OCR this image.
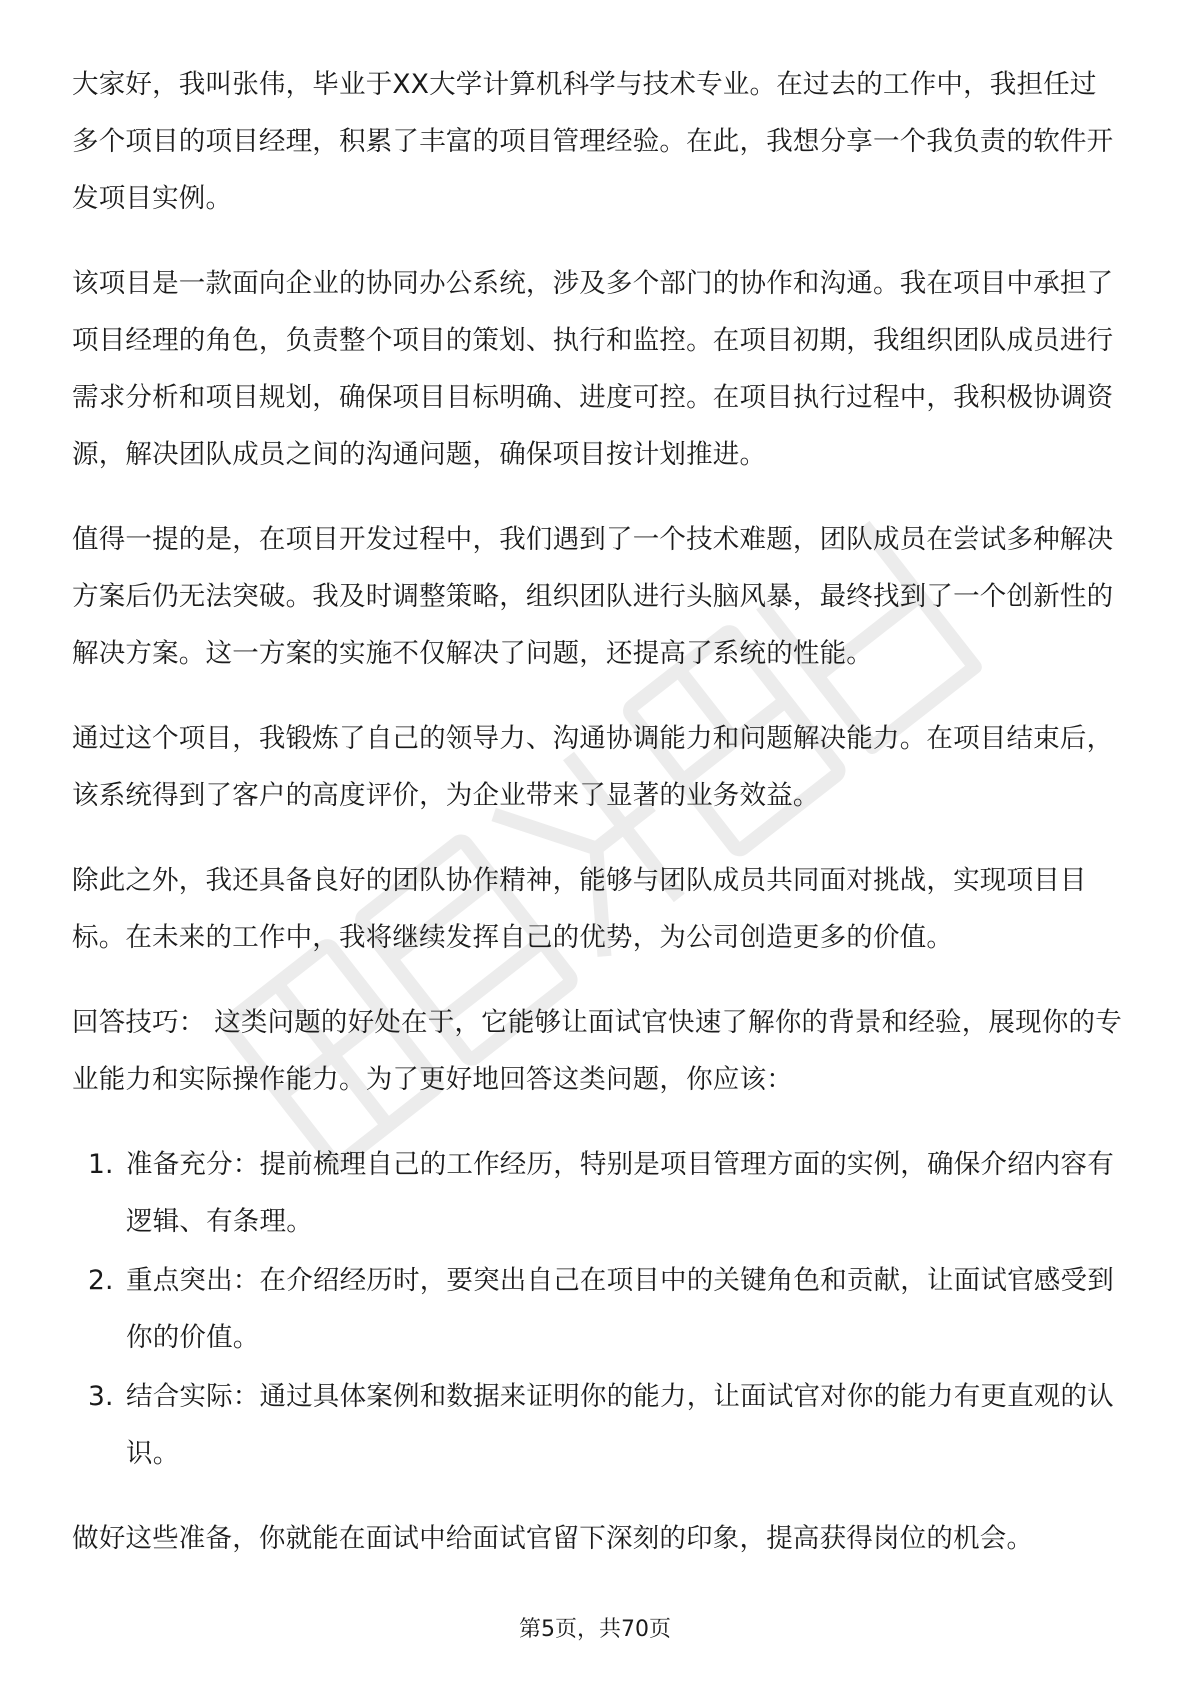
大家好，我叫张伟，毕业于XX大学计算机科学与技术专业。在过去的工作中，我担任过多个项目的项目经理，积累了丰富的项目管理经验。在此，我想分享一个我负责的软件开发项目实例。

该项目是一款面向企业的协同办公系统，涉及多个部门的协作和沟通。我在项目中承担了项目经理的角色，负责整个项目的策划、执行和监控。在项目初期，我组织团队成员进行需求分析和项目规划，确保项目目标明确、进度可控。在项目执行过程中，我积极协调资源，解决团队成员之间的沟通问题，确保项目按计划推进。

值得一提的是，在项目开发过程中，我们遇到了一个技术难题，团队成员在尝试多种解决方案后仍无法突破。我及时调整策略，组织团队进行头脑风暴，最终找到了一个创新性的解决方案。这一方案的实施不仅解决了问题，还提高了系统的性能。

通过这个项目，我锻炼了自己的领导力、沟通协调能力和问题解决能力。在项目结束后，该系统得到了客户的高度评价，为企业带来了显著的业务效益。

除此之外，我还具备良好的团队协作精神，能够与团队成员共同面对挑战，实现项目目标。在未来的工作中，我将继续发挥自己的优势，为公司创造更多的价值。

回答技巧： 这类问题的好处在于，它能够让面试官快速了解你的背景和经验，展现你的专业能力和实际操作能力。为了更好地回答这类问题，你应该：

1. 准备充分：提前梳理自己的工作经历，特别是项目管理方面的实例，确保介绍内容有逻辑、有条理。
2. 重点突出：在介绍经历时，要突出自己在项目中的关键角色和贡献，让面试官感受到你的价值。
3. 结合实际：通过具体案例和数据来证明你的能力，让面试官对你的能力有更直观的认识。

做好这些准备，你就能在面试中给面试官留下深刻的印象，提高获得岗位的机会。

第5页，共70页
